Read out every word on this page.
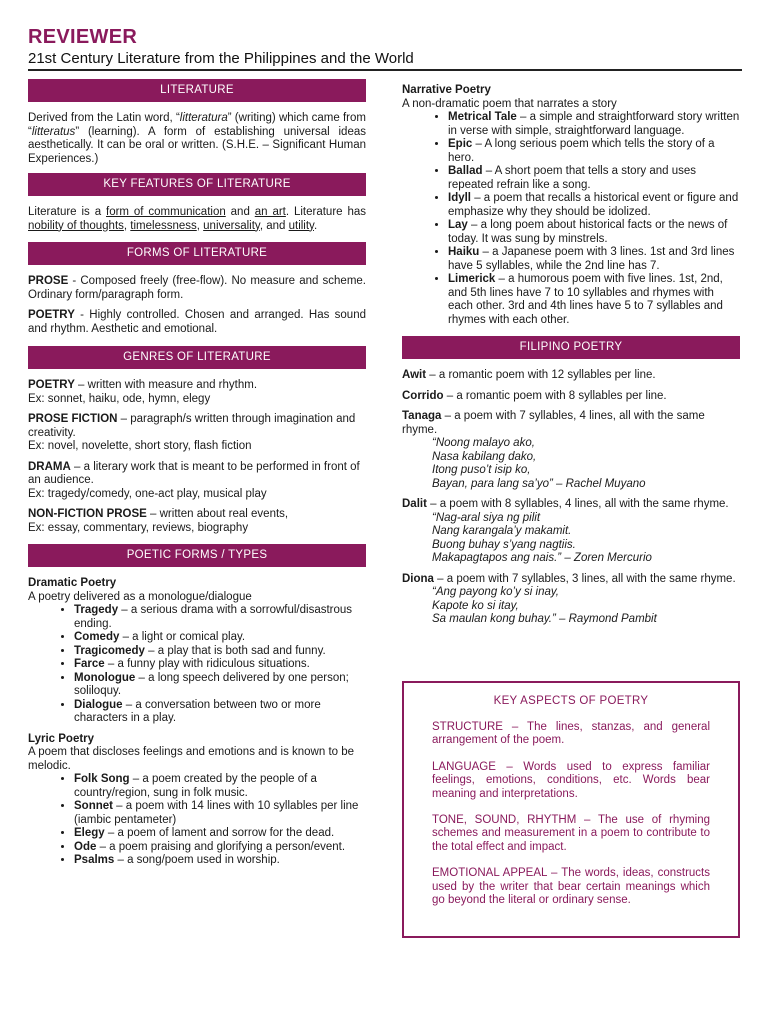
REVIEWER
21st Century Literature from the Philippines and the World
LITERATURE

Derived from the Latin word, “litteratura” (writing) which came from “litteratus” (learning). A form of establishing universal ideas aesthetically. It can be oral or written. (S.H.E. – Significant Human Experiences.)

KEY FEATURES OF LITERATURE

Literature is a form of communication and an art. Literature has nobility of thoughts, timelessness, universality, and utility.

FORMS OF LITERATURE

PROSE - Composed freely (free-flow). No measure and scheme. Ordinary form/paragraph form.

POETRY - Highly controlled. Chosen and arranged. Has sound and rhythm. Aesthetic and emotional.

GENRES OF LITERATURE

POETRY – written with measure and rhythm.

Ex: sonnet, haiku, ode, hymn, elegy

PROSE FICTION – paragraph/s written through imagination and creativity.

Ex: novel, novelette, short story, flash fiction

DRAMA – a literary work that is meant to be performed in front of an audience.

Ex: tragedy/comedy, one-act play, musical play

NON-FICTION PROSE – written about real events,

Ex: essay, commentary, reviews, biography

POETIC FORMS / TYPES

Dramatic Poetry

A poetry delivered as a monologue/dialogue

• Tragedy – a serious drama with a sorrowful/disastrous ending.
• Comedy – a light or comical play.
• Tragicomedy – a play that is both sad and funny.
• Farce – a funny play with ridiculous situations.
• Monologue – a long speech delivered by one person; soliloquy.
• Dialogue – a conversation between two or more characters in a play.

Lyric Poetry

A poem that discloses feelings and emotions and is known to be melodic.

• Folk Song – a poem created by the people of a country/region, sung in folk music.
• Sonnet – a poem with 14 lines with 10 syllables per line (iambic pentameter)
• Elegy – a poem of lament and sorrow for the dead.
• Ode – a poem praising and glorifying a person/event.
• Psalms – a song/poem used in worship.

Narrative Poetry

A non-dramatic poem that narrates a story

• Metrical Tale – a simple and straightforward story written in verse with simple, straightforward language.
• Epic – A long serious poem which tells the story of a hero.
• Ballad – A short poem that tells a story and uses repeated refrain like a song.
• Idyll – a poem that recalls a historical event or figure and emphasize why they should be idolized.
• Lay – a long poem about historical facts or the news of today. It was sung by minstrels.
• Haiku – a Japanese poem with 3 lines. 1st and 3rd lines have 5 syllables, while the 2nd line has 7.
• Limerick – a humorous poem with five lines. 1st, 2nd, and 5th lines have 7 to 10 syllables and rhymes with each other. 3rd and 4th lines have 5 to 7 syllables and rhymes with each other.
FILIPINO POETRY

Awit – a romantic poem with 12 syllables per line.

Corrido – a romantic poem with 8 syllables per line.

Tanaga – a poem with 7 syllables, 4 lines, all with the same rhyme.

“Noong malayo ako,

Nasa kabilang dako,

Itong puso’t isip ko,

Bayan, para lang sa’yo” – Rachel Muyano

Dalit – a poem with 8 syllables, 4 lines, all with the same rhyme.

“Nag-aral siya ng pilit

Nang karangala’y makamit.

Buong buhay s’yang nagtiis.

Makapagtapos ang nais.” – Zoren Mercurio

Diona – a poem with 7 syllables, 3 lines, all with the same rhyme.

“Ang payong ko’y si inay,

Kapote ko si itay,

Sa maulan kong buhay.” – Raymond Pambit

KEY ASPECTS OF POETRY

STRUCTURE – The lines, stanzas, and general arrangement of the poem.

LANGUAGE – Words used to express familiar feelings, emotions, conditions, etc. Words bear meaning and interpretations.

TONE, SOUND, RHYTHM – The use of rhyming schemes and measurement in a poem to contribute to the total effect and impact.

EMOTIONAL APPEAL – The words, ideas, constructs used by the writer that bear certain meanings which go beyond the literal or ordinary sense.
